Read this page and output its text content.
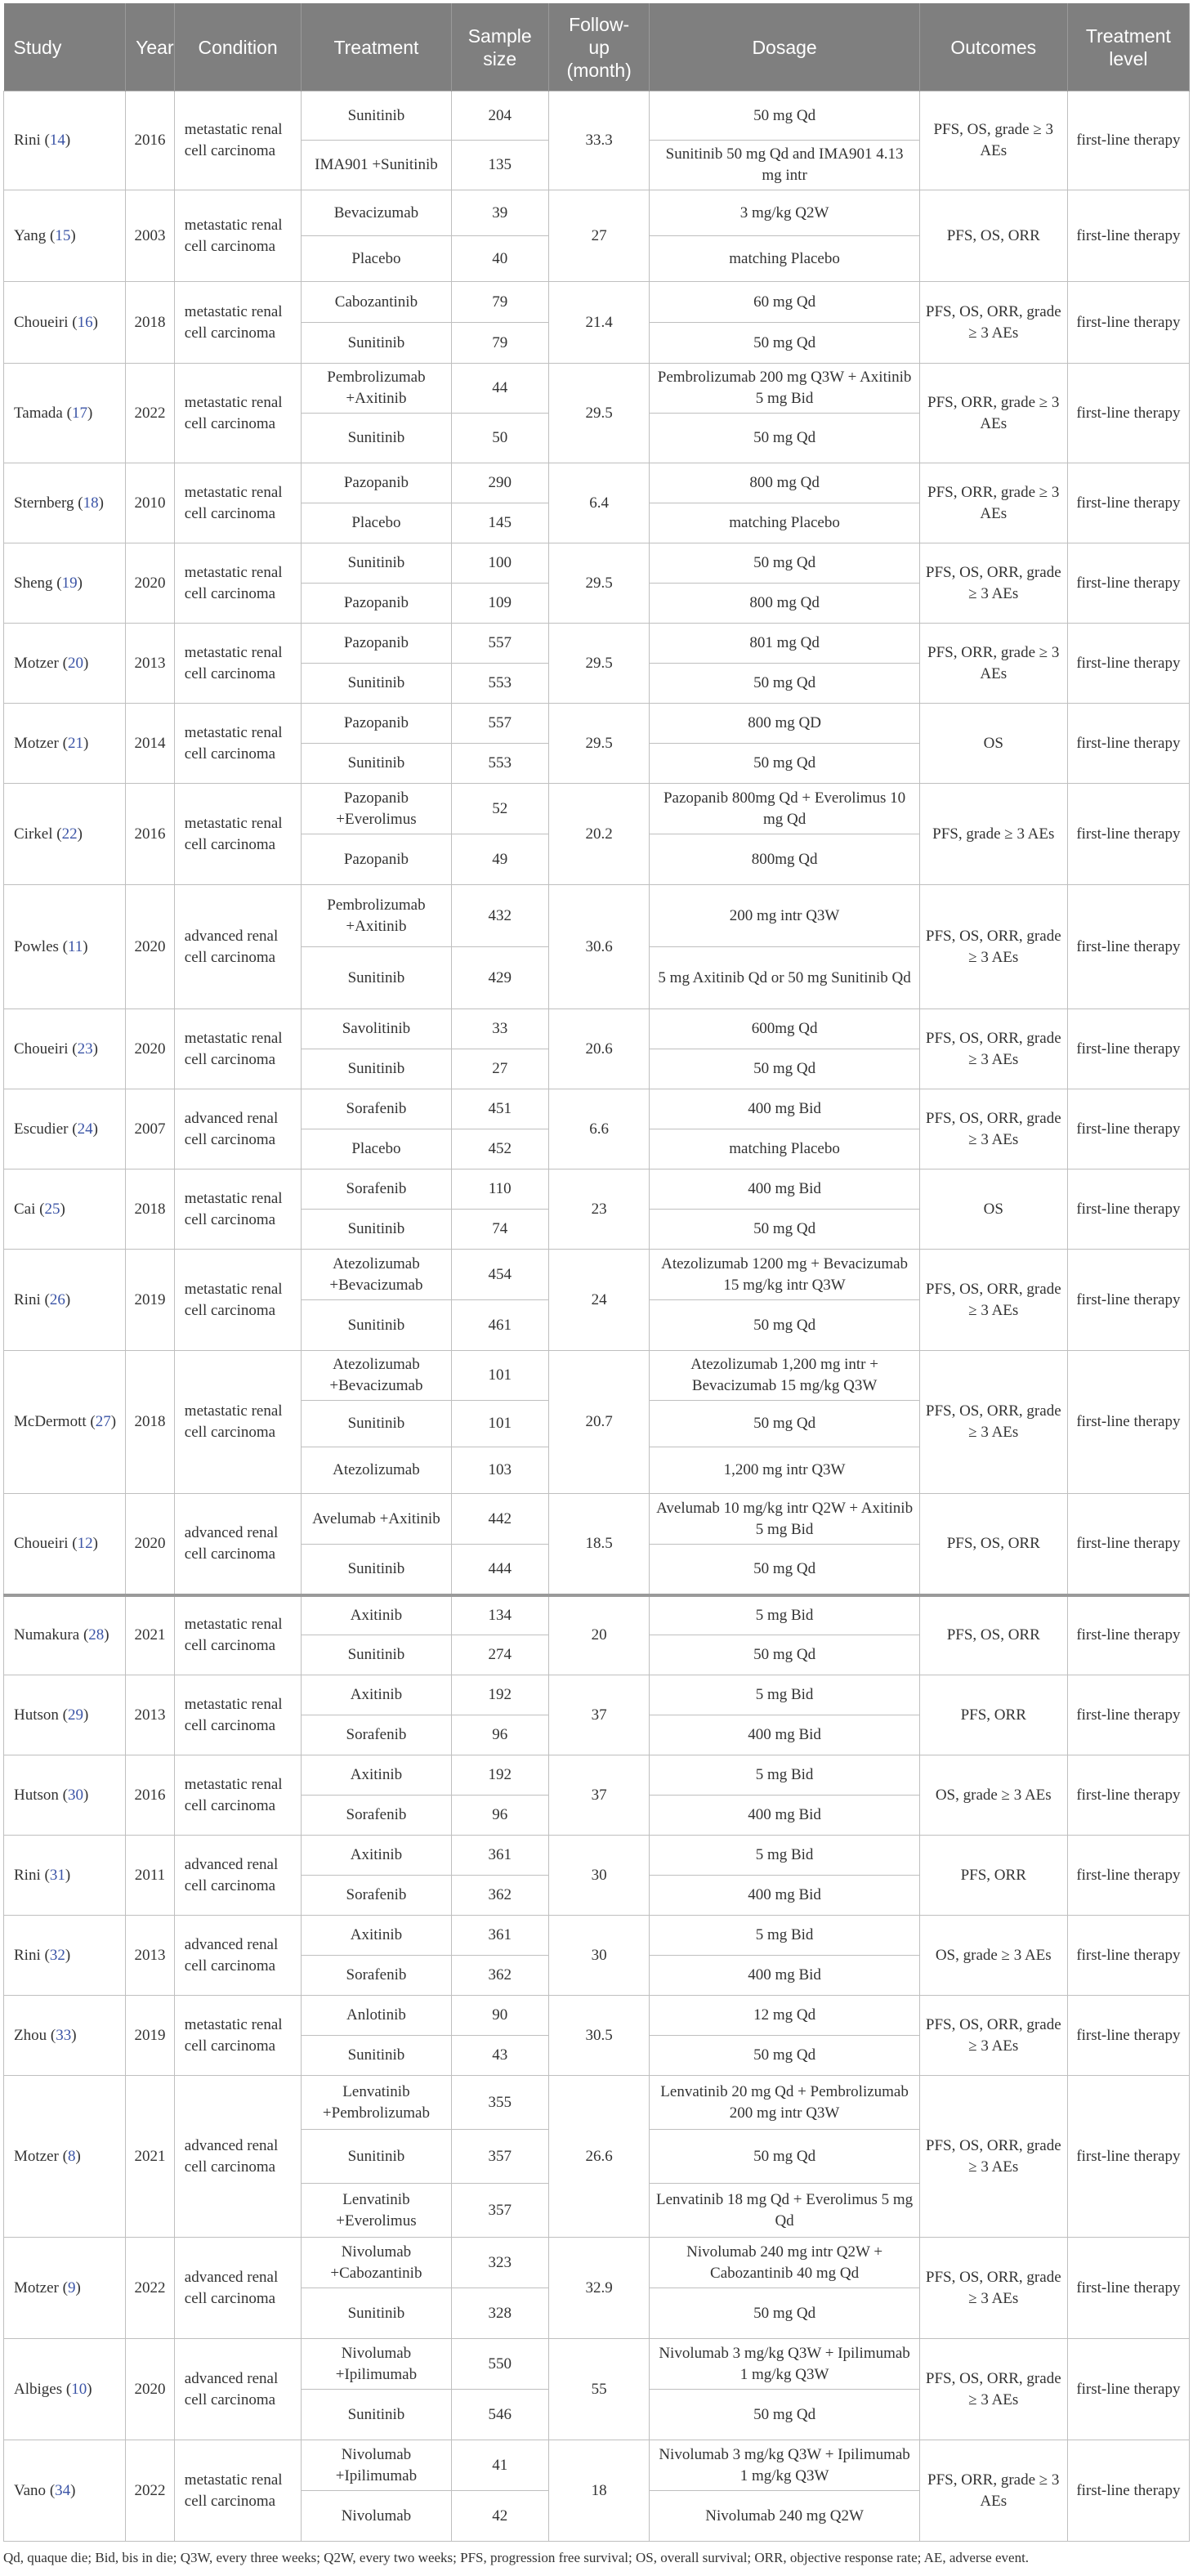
Study	Year	Condition	Treatment	Sample size	Follow-up (month)	Dosage	Outcomes	Treatment level
Rini (14)	2016	metastatic renal cell carcinoma	Sunitinib	204	33.3	50 mg Qd	PFS, OS, grade ≥ 3 AEs	first-line therapy
			IMA901 +Sunitinib	135		Sunitinib 50 mg Qd and IMA901 4.13 mg intr		
Yang (15)	2003	metastatic renal cell carcinoma	Bevacizumab	39	27	3 mg/kg Q2W	PFS, OS, ORR	first-line therapy
			Placebo	40		matching Placebo		
Choueiri (16)	2018	metastatic renal cell carcinoma	Cabozantinib	79	21.4	60 mg Qd	PFS, OS, ORR, grade ≥ 3 AEs	first-line therapy
			Sunitinib	79		50 mg Qd		
Tamada (17)	2022	metastatic renal cell carcinoma	Pembrolizumab +Axitinib	44	29.5	Pembrolizumab 200 mg Q3W + Axitinib 5 mg Bid	PFS, ORR, grade ≥ 3 AEs	first-line therapy
			Sunitinib	50		50 mg Qd		
Sternberg (18)	2010	metastatic renal cell carcinoma	Pazopanib	290	6.4	800 mg Qd	PFS, ORR, grade ≥ 3 AEs	first-line therapy
			Placebo	145		matching Placebo		
Sheng (19)	2020	metastatic renal cell carcinoma	Sunitinib	100	29.5	50 mg Qd	PFS, OS, ORR, grade ≥ 3 AEs	first-line therapy
			Pazopanib	109		800 mg Qd		
Motzer (20)	2013	metastatic renal cell carcinoma	Pazopanib	557	29.5	801 mg Qd	PFS, ORR, grade ≥ 3 AEs	first-line therapy
			Sunitinib	553		50 mg Qd		
Motzer (21)	2014	metastatic renal cell carcinoma	Pazopanib	557	29.5	800 mg QD	OS	first-line therapy
			Sunitinib	553		50 mg Qd		
Cirkel (22)	2016	metastatic renal cell carcinoma	Pazopanib +Everolimus	52	20.2	Pazopanib 800mg Qd + Everolimus 10 mg Qd	PFS, grade ≥ 3 AEs	first-line therapy
			Pazopanib	49		800mg Qd		
Powles (11)	2020	advanced renal cell carcinoma	Pembrolizumab +Axitinib	432	30.6	200 mg intr Q3W	PFS, OS, ORR, grade ≥ 3 AEs	first-line therapy
			Sunitinib	429		5 mg Axitinib Qd or 50 mg Sunitinib Qd		
Choueiri (23)	2020	metastatic renal cell carcinoma	Savolitinib	33	20.6	600mg Qd	PFS, OS, ORR, grade ≥ 3 AEs	first-line therapy
			Sunitinib	27		50 mg Qd		
Escudier (24)	2007	advanced renal cell carcinoma	Sorafenib	451	6.6	400 mg Bid	PFS, OS, ORR, grade ≥ 3 AEs	first-line therapy
			Placebo	452		matching Placebo		
Cai (25)	2018	metastatic renal cell carcinoma	Sorafenib	110	23	400 mg Bid	OS	first-line therapy
			Sunitinib	74		50 mg Qd		
Rini (26)	2019	metastatic renal cell carcinoma	Atezolizumab +Bevacizumab	454	24	Atezolizumab 1200 mg + Bevacizumab 15 mg/kg intr Q3W	PFS, OS, ORR, grade ≥ 3 AEs	first-line therapy
			Sunitinib	461		50 mg Qd		
McDermott (27)	2018	metastatic renal cell carcinoma	Atezolizumab +Bevacizumab	101	20.7	Atezolizumab 1,200 mg intr + Bevacizumab 15 mg/kg Q3W	PFS, OS, ORR, grade ≥ 3 AEs	first-line therapy
			Sunitinib	101		50 mg Qd		
			Atezolizumab	103		1,200 mg intr Q3W		
Choueiri (12)	2020	advanced renal cell carcinoma	Avelumab +Axitinib	442	18.5	Avelumab 10 mg/kg intr Q2W + Axitinib 5 mg Bid	PFS, OS, ORR	first-line therapy
			Sunitinib	444		50 mg Qd		
Numakura (28)	2021	metastatic renal cell carcinoma	Axitinib	134	20	5 mg Bid	PFS, OS, ORR	first-line therapy
			Sunitinib	274		50 mg Qd		
Hutson (29)	2013	metastatic renal cell carcinoma	Axitinib	192	37	5 mg Bid	PFS, ORR	first-line therapy
			Sorafenib	96		400 mg Bid		
Hutson (30)	2016	metastatic renal cell carcinoma	Axitinib	192	37	5 mg Bid	OS, grade ≥ 3 AEs	first-line therapy
			Sorafenib	96		400 mg Bid		
Rini (31)	2011	advanced renal cell carcinoma	Axitinib	361	30	5 mg Bid	PFS, ORR	first-line therapy
			Sorafenib	362		400 mg Bid		
Rini (32)	2013	advanced renal cell carcinoma	Axitinib	361	30	5 mg Bid	OS, grade ≥ 3 AEs	first-line therapy
			Sorafenib	362		400 mg Bid		
Zhou (33)	2019	metastatic renal cell carcinoma	Anlotinib	90	30.5	12 mg Qd	PFS, OS, ORR, grade ≥ 3 AEs	first-line therapy
			Sunitinib	43		50 mg Qd		
Motzer (8)	2021	advanced renal cell carcinoma	Lenvatinib +Pembrolizumab	355	26.6	Lenvatinib 20 mg Qd + Pembrolizumab 200 mg intr Q3W	PFS, OS, ORR, grade ≥ 3 AEs	first-line therapy
			Sunitinib	357		50 mg Qd		
			Lenvatinib +Everolimus	357		Lenvatinib 18 mg Qd + Everolimus 5 mg Qd		
Motzer (9)	2022	advanced renal cell carcinoma	Nivolumab +Cabozantinib	323	32.9	Nivolumab 240 mg intr Q2W + Cabozantinib 40 mg Qd	PFS, OS, ORR, grade ≥ 3 AEs	first-line therapy
			Sunitinib	328		50 mg Qd		
Albiges (10)	2020	advanced renal cell carcinoma	Nivolumab +Ipilimumab	550	55	Nivolumab 3 mg/kg Q3W + Ipilimumab 1 mg/kg Q3W	PFS, OS, ORR, grade ≥ 3 AEs	first-line therapy
			Sunitinib	546		50 mg Qd		
Vano (34)	2022	metastatic renal cell carcinoma	Nivolumab +Ipilimumab	41	18	Nivolumab 3 mg/kg Q3W + Ipilimumab 1 mg/kg Q3W	PFS, ORR, grade ≥ 3 AEs	first-line therapy
			Nivolumab	42		Nivolumab 240 mg Q2W		
Qd, quaque die; Bid, bis in die; Q3W, every three weeks; Q2W, every two weeks; PFS, progression free survival; OS, overall survival; ORR, objective response rate; AE, adverse event.
